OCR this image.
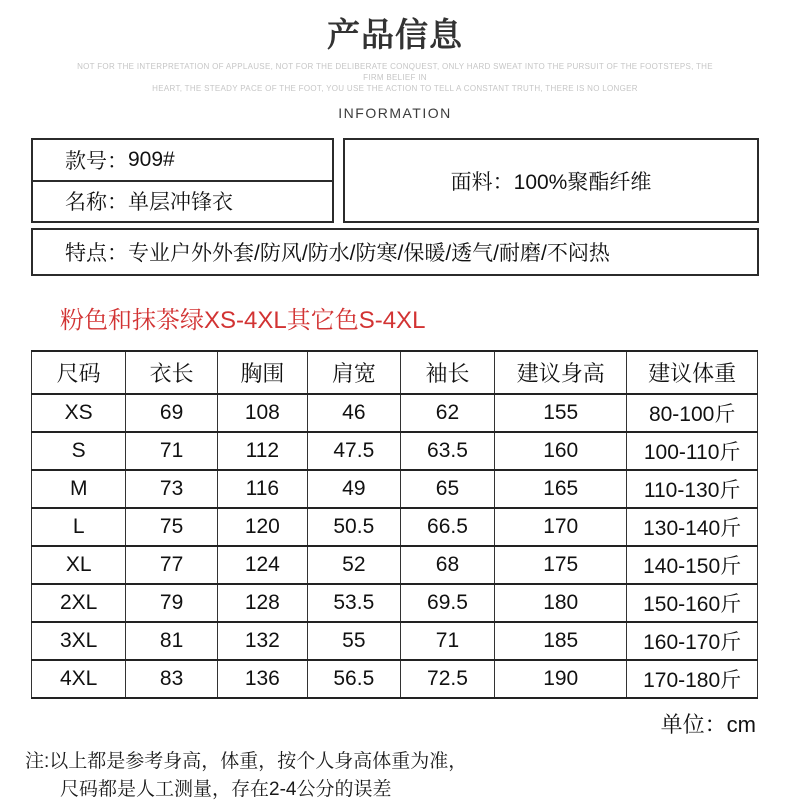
产品信息
NOT FOR THE INTERPRETATION OF APPLAUSE, NOT FOR THE DELIBERATE CONQUEST, ONLY HARD SWEAT INTO THE PURSUIT OF THE FOOTSTEPS, THE FIRM BELIEF IN
HEART, THE STEADY PACE OF THE FOOT, YOU USE THE ACTION TO TELL A CONSTANT TRUTH, THERE IS NO LONGER
INFORMATION
款号： 909#
名称： 单层冲锋衣
面料： 100%聚酯纤维
特点： 专业户外外套/防风/防水/防寒/保暖/透气/耐磨/不闷热
粉色和抹茶绿XS-4XL其它色S-4XL
尺码	衣长	胸围	肩宽	袖长	建议身高	建议体重
XS	69	108	46	62	155	80-100斤
S	71	112	47.5	63.5	160	100-110斤
M	73	116	49	65	165	110-130斤
L	75	120	50.5	66.5	170	130-140斤
XL	77	124	52	68	175	140-150斤
2XL	79	128	53.5	69.5	180	150-160斤
3XL	81	132	55	71	185	160-170斤
4XL	83	136	56.5	72.5	190	170-180斤
单位：cm
注:以上都是参考身高，体重，按个人身高体重为准，
尺码都是人工测量，存在2-4公分的误差
